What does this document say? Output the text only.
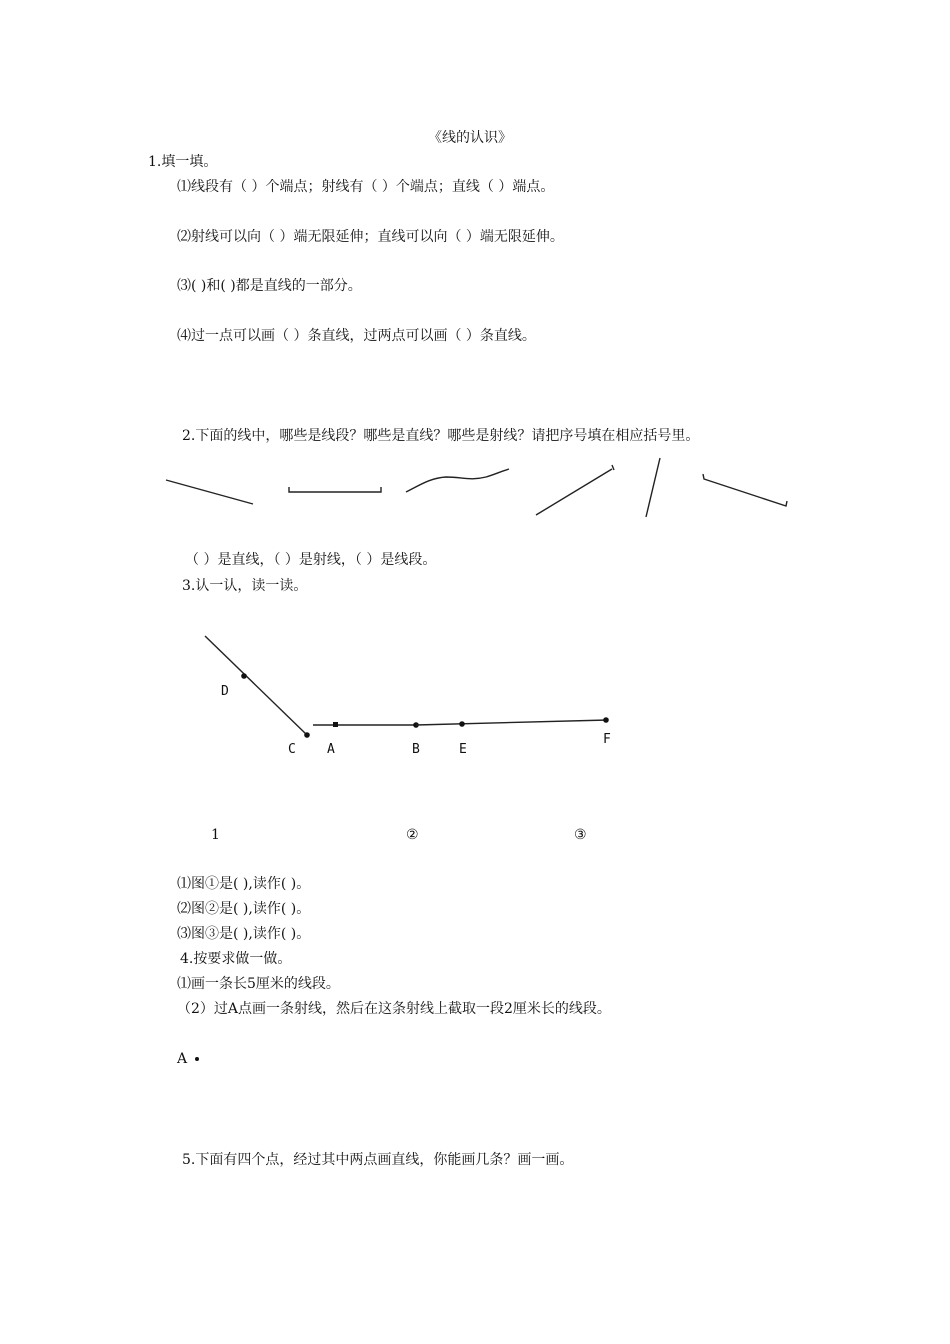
《线的认识》
1.填一填。
⑴线段有（ ）个端点；射线有（ ）个端点；直线（ ）端点。
⑵射线可以向（ ）端无限延伸；直线可以向（ ）端无限延伸。
⑶( )和( )都是直线的一部分。
⑷过一点可以画（ ）条直线，过两点可以画（ ）条直线。
2.下面的线中，哪些是线段？哪些是直线？哪些是射线？请把序号填在相应括号里。
（ ）是直线，（ ）是射线，（ ）是线段。
3.认一认，读一读。
D
C A	B	E
F
1	②	③
⑴图①是( ),读作( )。
⑵图②是( ),读作( )。
⑶图③是( ),读作( )。
4.按要求做一做。
⑴画一条长5厘米的线段。
（2）过A点画一条射线，然后在这条射线上截取一段2厘米长的线段。
A
5.下面有四个点，经过其中两点画直线，你能画几条？画一画。
